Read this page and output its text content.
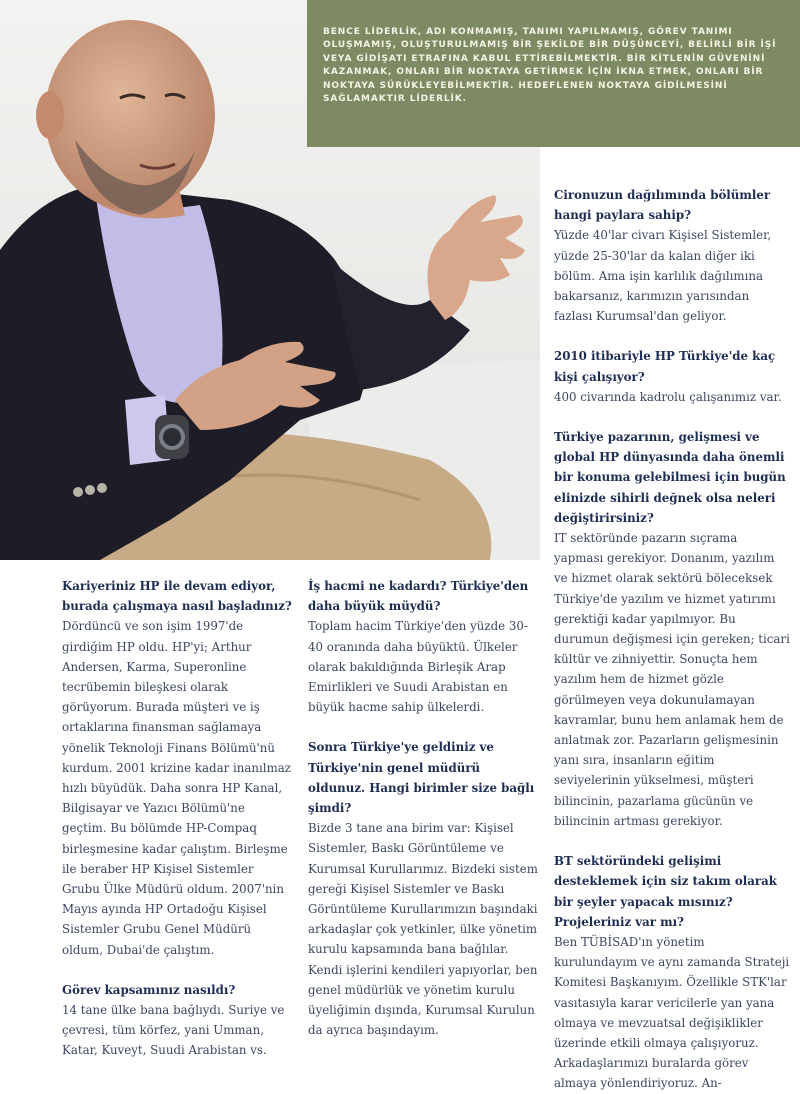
BENCE LİDERLİK, ADI KONMAMIŞ, TANIMI YAPILMAMIŞ, GÖREV TANIMI OLUŞMAMIŞ, OLUŞTURULMAMIŞ BİR ŞEKİLDE BİR DÜŞÜNCEYİ, BELİRLİ BİR İŞİ VEYA GİDİŞATI ETRAFINA KABUL ETTİREBİLMEKTİR. BİR KİTLENİN GÜVENİNİ KAZANMAK, ONLARI BİR NOKTAYA GETİRMEK İÇİN İKNA ETMEK, ONLARI BİR NOKTAYA SÜRÜKLEYEBİLMEKTİR. HEDEFLENEN NOKTAYA GİDİLMESİNİ SAĞLAMAKTIR LİDERLİK.

Cironuzun dağılımında bölümler hangi paylara sahip?

Yüzde 40'lar civarı Kişisel Sistemler, yüzde 25-30'lar da kalan diğer iki bölüm. Ama işin karlılık dağılımına bakarsanız, karımızın yarısından fazlası Kurumsal'dan geliyor.

2010 itibariyle HP Türkiye'de kaç kişi çalışıyor?

400 civarında kadrolu çalışanımız var.

Türkiye pazarının, gelişmesi ve global HP dünyasında daha önemli bir konuma gelebilmesi için bugün elinizde sihirli değnek olsa neleri değiştirirsiniz?

IT sektöründe pazarın sıçrama yapması gerekiyor. Donanım, yazılım ve hizmet olarak sektörü böleceksek Türkiye'de yazılım ve hizmet yatırımı gerektiği kadar yapılmıyor. Bu durumun değişmesi için gereken; ticari kültür ve zihniyettir. Sonuçta hem yazılım hem de hizmet gözle görülmeyen veya dokunulamayan kavramlar, bunu hem anlamak hem de anlatmak zor. Pazarların gelişmesinin yanı sıra, insanların eğitim seviyelerinin yükselmesi, müşteri bilincinin, pazarlama gücünün ve bilincinin artması gerekiyor.

BT sektöründeki gelişimi desteklemek için siz takım olarak bir şeyler yapacak mısınız? Projeleriniz var mı?

Ben TÜBİSAD'ın yönetim kurulundayım ve aynı zamanda Strateji Komitesi Başkanıyım. Özellikle STK'lar vasıtasıyla karar vericilerle yan yana olmaya ve mevzuatsal değişiklikler üzerinde etkili olmaya çalışıyoruz. Arkadaşlarımızı buralarda görev almaya yönlendiriyoruz. An-

Kariyeriniz HP ile devam ediyor, burada çalışmaya nasıl başladınız?

Dördüncü ve son işim 1997'de girdiğim HP oldu. HP'yi; Arthur Andersen, Karma, Superonline tecrübemin bileşkesi olarak görüyorum. Burada müşteri ve iş ortaklarına finansman sağlamaya yönelik Teknoloji Finans Bölümü'nü kurdum. 2001 krizine kadar inanılmaz hızlı büyüdük. Daha sonra HP Kanal, Bilgisayar ve Yazıcı Bölümü'ne geçtim. Bu bölümde HP-Compaq birleşmesine kadar çalıştım. Birleşme ile beraber HP Kişisel Sistemler Grubu Ülke Müdürü oldum. 2007'nin Mayıs ayında HP Ortadoğu Kişisel Sistemler Grubu Genel Müdürü oldum, Dubai'de çalıştım.

Görev kapsamınız nasıldı?

14 tane ülke bana bağlıydı. Suriye ve çevresi, tüm körfez, yani Umman, Katar, Kuveyt, Suudi Arabistan vs.

İş hacmi ne kadardı? Türkiye'den daha büyük müydü?

Toplam hacim Türkiye'den yüzde 30-40 oranında daha büyüktü. Ülkeler olarak bakıldığında Birleşik Arap Emirlikleri ve Suudi Arabistan en büyük hacme sahip ülkelerdi.

Sonra Türkiye'ye geldiniz ve Türkiye'nin genel müdürü oldunuz. Hangi birimler size bağlı şimdi?

Bizde 3 tane ana birim var: Kişisel Sistemler, Baskı Görüntüleme ve Kurumsal Kurullarımız. Bizdeki sistem gereği Kişisel Sistemler ve Baskı Görüntüleme Kurullarımızın başındaki arkadaşlar çok yetkinler, ülke yönetim kurulu kapsamında bana bağlılar.

Kendi işlerini kendileri yapıyorlar, ben genel müdürlük ve yönetim kurulu üyeliğimin dışında, Kurumsal Kurulun da ayrıca başındayım.
